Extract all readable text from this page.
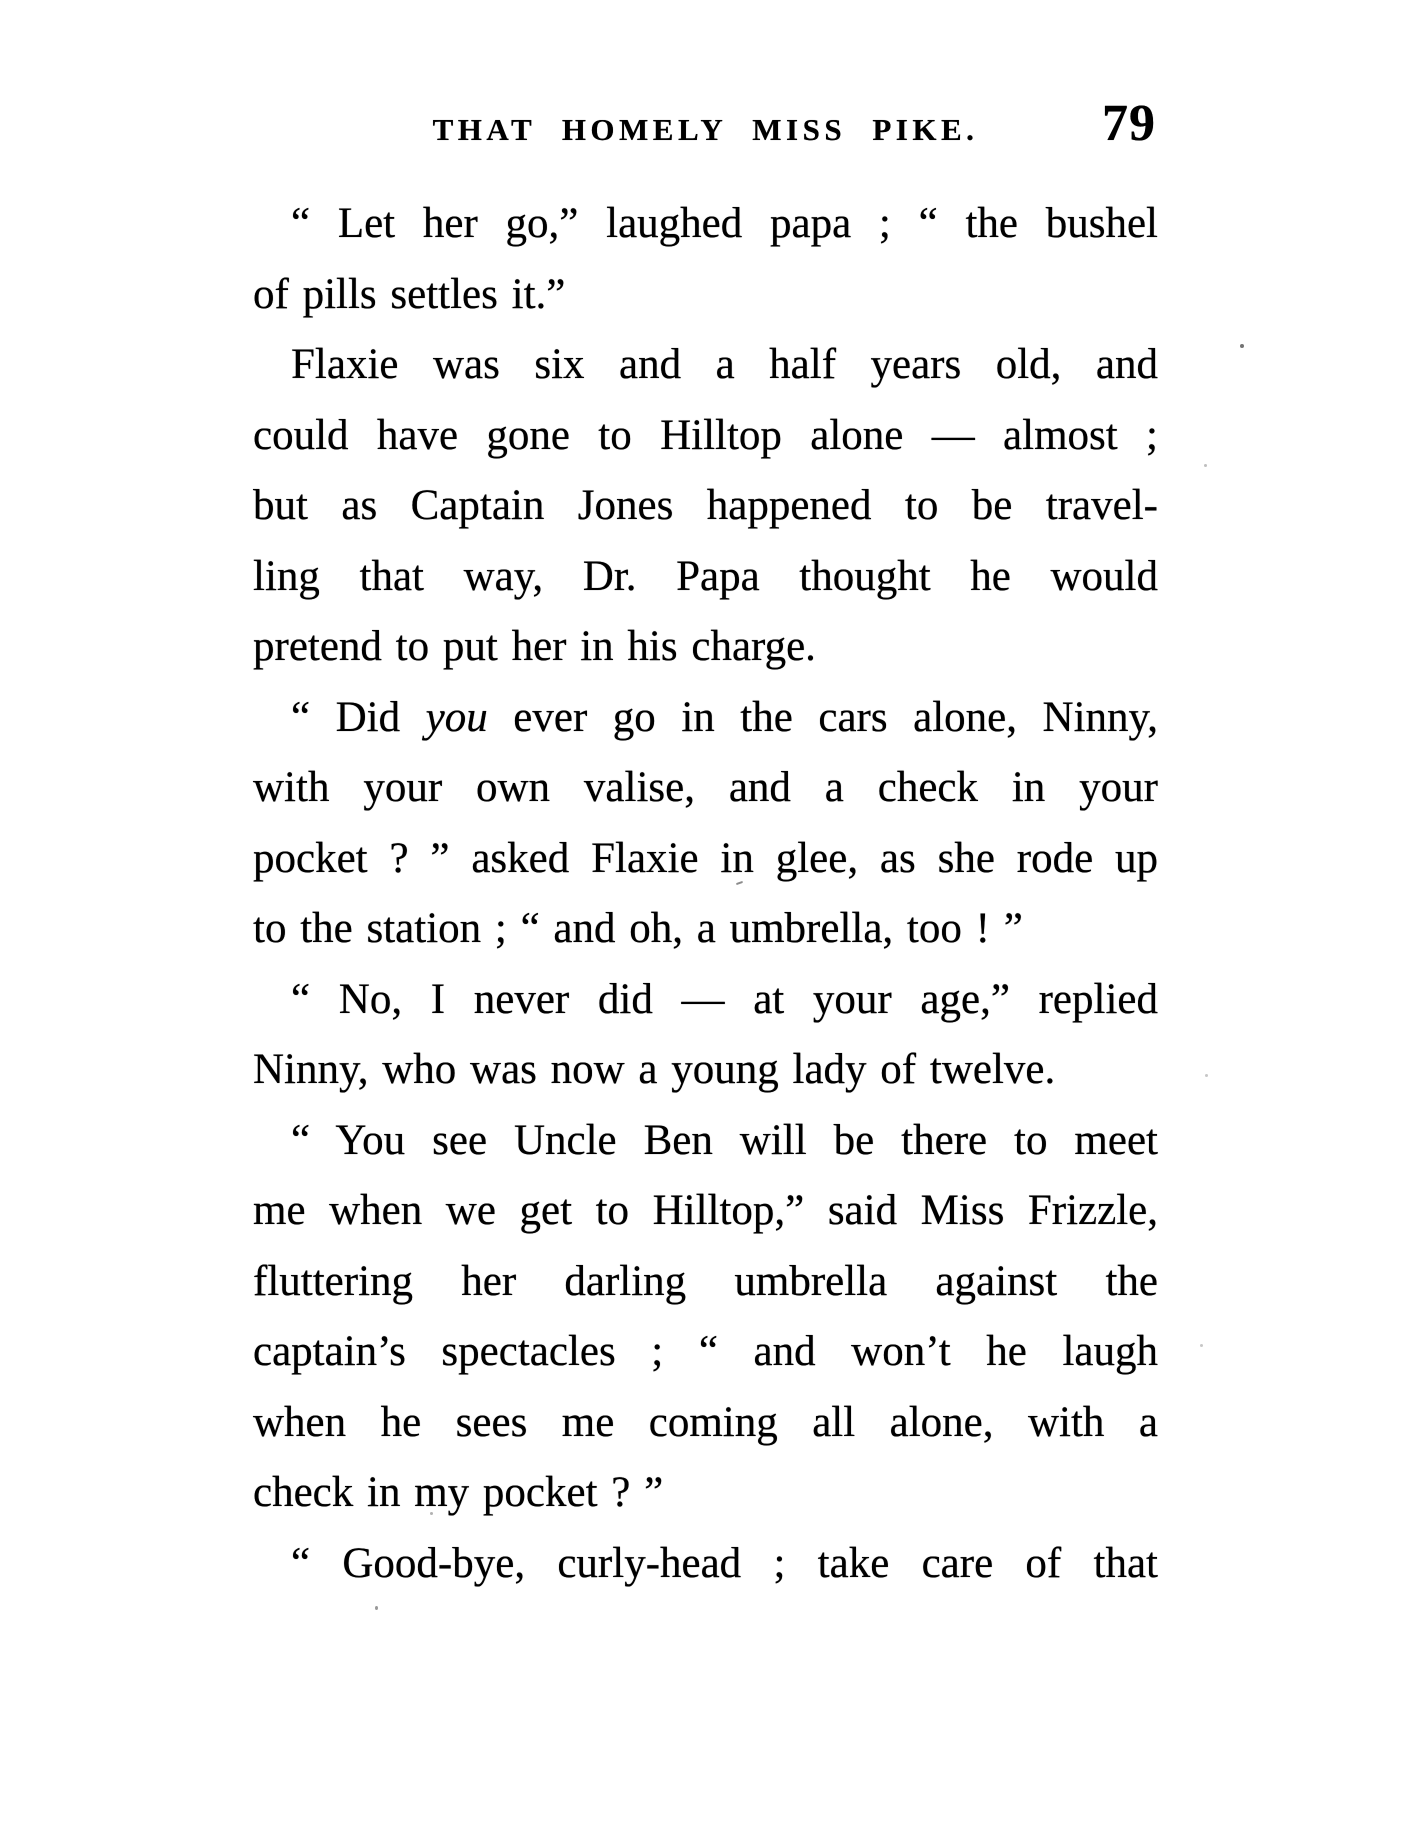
THAT HOMELY MISS PIKE.	79
“ Let her go,” laughed papa ; “ the bushel
of pills settles it.”
Flaxie was six and a half years old, and
could have gone to Hilltop alone — almost ;
but as Captain Jones happened to be travel-
ling that way, Dr. Papa thought he would
pretend to put her in his charge.
“ Did you ever go in the cars alone, Ninny,
with your own valise, and a check in your
pocket ? ” asked Flaxie in glee, as she rode up
to the station ; “ and oh, a umbrella, too ! ”
“ No, I never did — at your age,” replied
Ninny, who was now a young lady of twelve.
“ You see Uncle Ben will be there to meet
me when we get to Hilltop,” said Miss Frizzle,
fluttering her darling umbrella against the
captain’s spectacles ; “ and won’t he laugh
when he sees me coming all alone, with a
check in my pocket ? ”
“ Good-bye, curly-head ; take care of that
